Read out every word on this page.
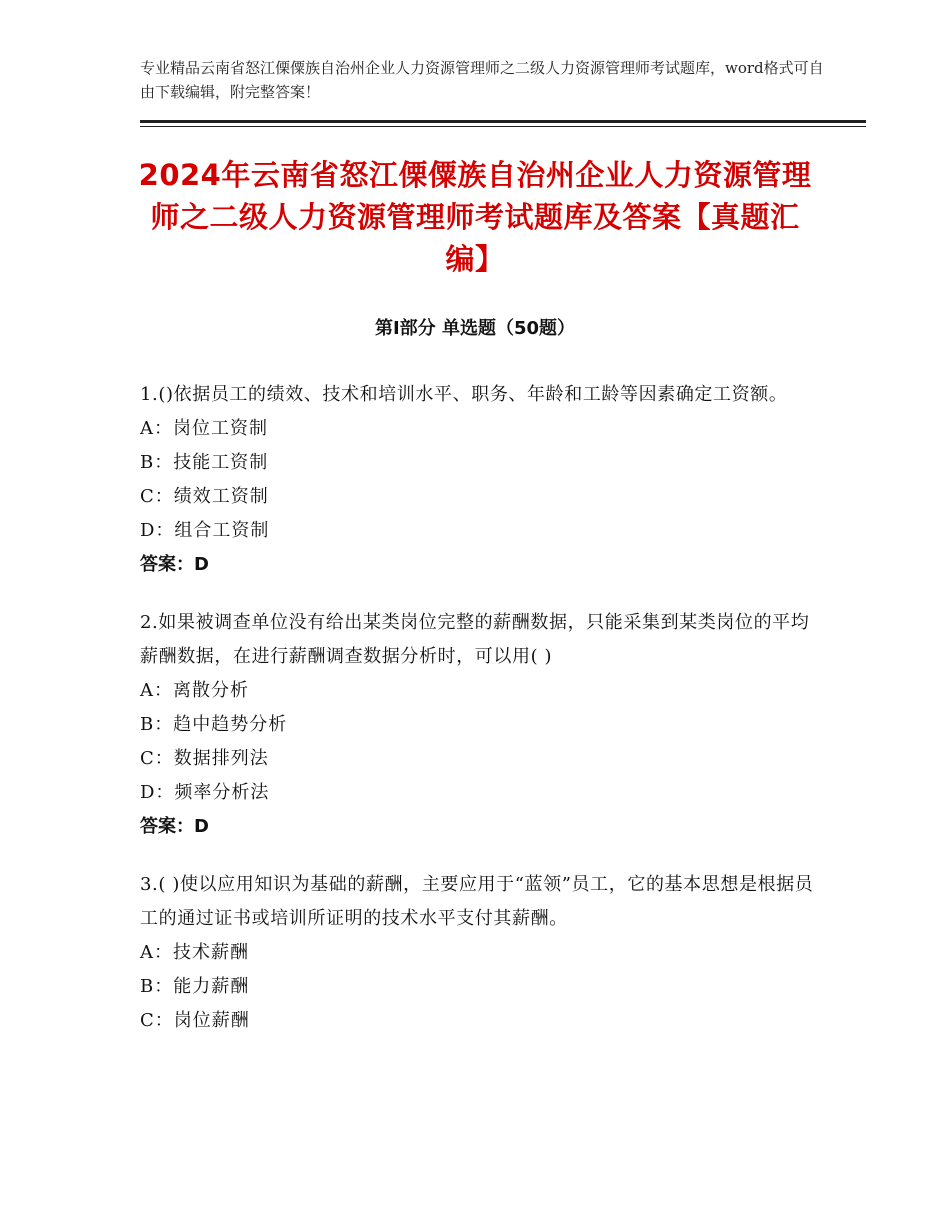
专业精品云南省怒江傈僳族自治州企业人力资源管理师之二级人力资源管理师考试题库，word格式可自由下载编辑，附完整答案！
2024年云南省怒江傈僳族自治州企业人力资源管理师之二级人力资源管理师考试题库及答案【真题汇编】
第Ⅰ部分 单选题（50题）

1.()依据员工的绩效、技术和培训水平、职务、年龄和工龄等因素确定工资额。

A：岗位工资制

B：技能工资制

C：绩效工资制

D：组合工资制

答案：D

2.如果被调查单位没有给出某类岗位完整的薪酬数据，只能采集到某类岗位的平均薪酬数据，在进行薪酬调查数据分析时，可以用( )

A：离散分析

B：趋中趋势分析

C：数据排列法

D：频率分析法

答案：D

3.( )使以应用知识为基础的薪酬，主要应用于“蓝领”员工，它的基本思想是根据员工的通过证书或培训所证明的技术水平支付其薪酬。

A：技术薪酬

B：能力薪酬

C：岗位薪酬
